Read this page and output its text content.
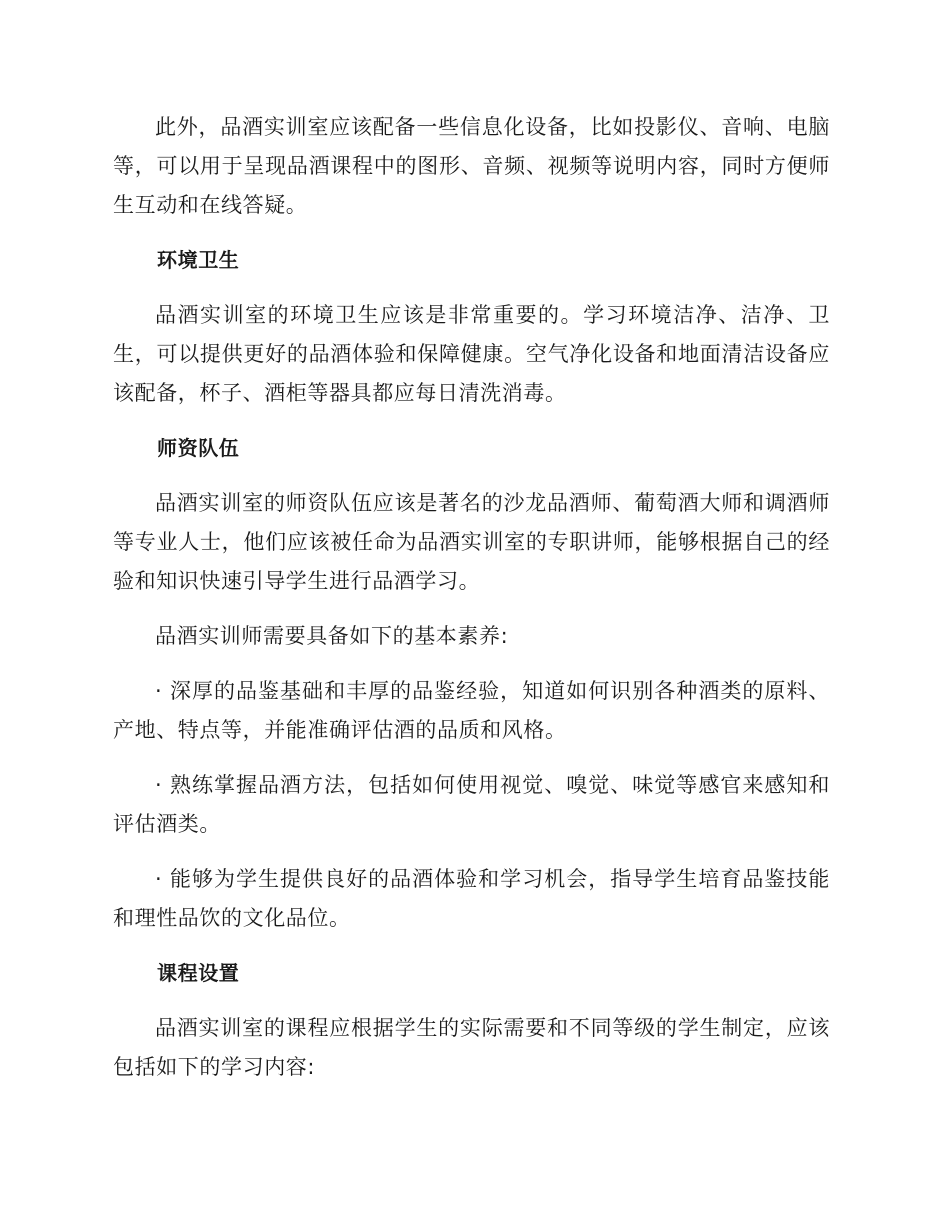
此外，品酒实训室应该配备一些信息化设备，比如投影仪、音响、电脑等，可以用于呈现品酒课程中的图形、音频、视频等说明内容，同时方便师生互动和在线答疑。

环境卫生

品酒实训室的环境卫生应该是非常重要的。学习环境洁净、洁净、卫生，可以提供更好的品酒体验和保障健康。空气净化设备和地面清洁设备应该配备，杯子、酒柜等器具都应每日清洗消毒。

师资队伍

品酒实训室的师资队伍应该是著名的沙龙品酒师、葡萄酒大师和调酒师等专业人士，他们应该被任命为品酒实训室的专职讲师，能够根据自己的经验和知识快速引导学生进行品酒学习。

品酒实训师需要具备如下的基本素养:

· 深厚的品鉴基础和丰厚的品鉴经验，知道如何识别各种酒类的原料、产地、特点等，并能准确评估酒的品质和风格。

· 熟练掌握品酒方法，包括如何使用视觉、嗅觉、味觉等感官来感知和评估酒类。

· 能够为学生提供良好的品酒体验和学习机会，指导学生培育品鉴技能和理性品饮的文化品位。

课程设置

品酒实训室的课程应根据学生的实际需要和不同等级的学生制定，应该包括如下的学习内容:
